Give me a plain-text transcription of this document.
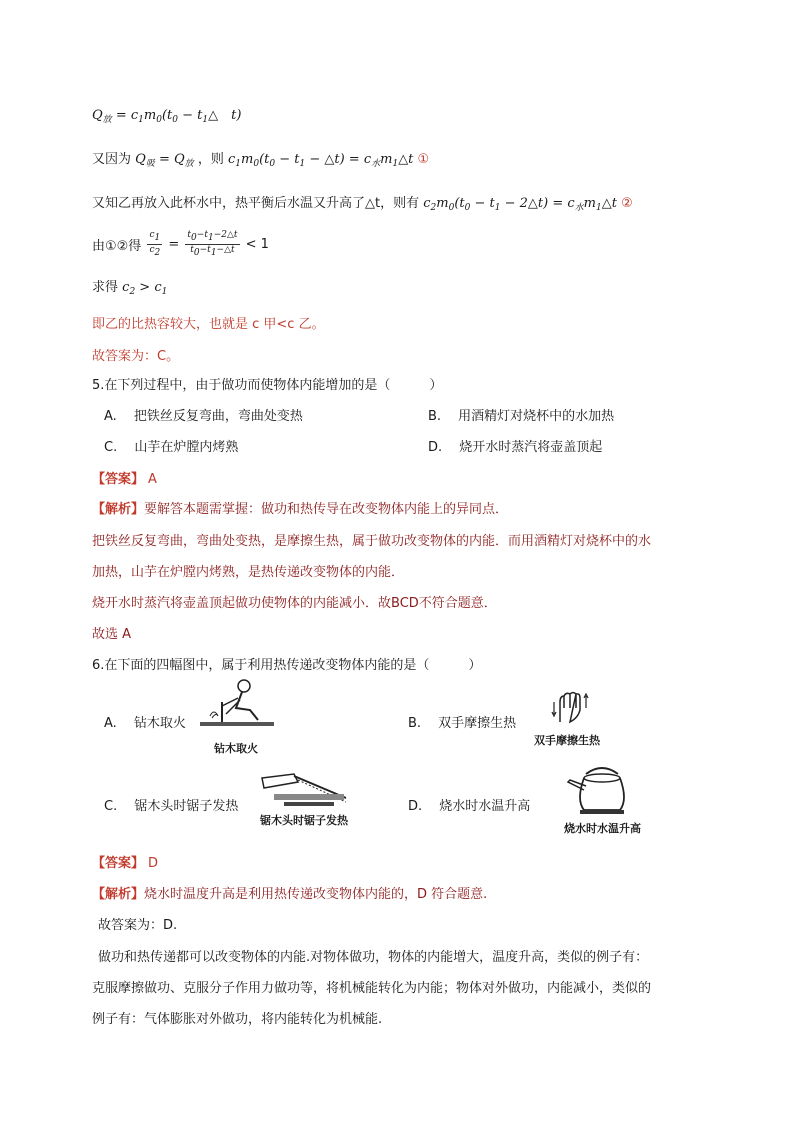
$Q_放 = c_1m_0(t_0$ − $t_1\triangle$　t)
又因为 $Q_吸 = Q_放$ ，则 $c_1m_0(t_0 - t_1$ − △t) = $c_水m_1\triangle t$ ①
又知乙再放入此杯水中，热平衡后水温又升高了△t，则有 $c_2m_0(t_0 - t_1$ − 2△t) = $c_水m_1\triangle t$ ②
由①②得 $\frac{c_1}{c_2} = \frac{t_0-t_1-2\triangle t}{t_0-t_1-\triangle t} < 1$
求得 $c_2 > c_1$
即乙的比热容较大，也就是 c 甲<c 乙。
故答案为：C。
5.在下列过程中，由于做功而使物体内能增加的是（　　　）
A.　 把铁丝反复弯曲，弯曲处变热	B.　 用酒精灯对烧杯中的水加热
C.　 山芋在炉膛内烤熟	D.　 烧开水时蒸汽将壶盖顶起
【答案】 A
【解析】要解答本题需掌握：做功和热传导在改变物体内能上的异同点．
把铁丝反复弯曲，弯曲处变热，是摩擦生热，属于做功改变物体的内能．而用酒精灯对烧杯中的水
加热，山芋在炉膛内烤熟，是热传递改变物体的内能．
烧开水时蒸汽将壶盖顶起做功使物体的内能减小．故BCD不符合题意．
故选 A
6.在下面的四幅图中，属于利用热传递改变物体内能的是（　　　）
A.　 钻木取火
钻木取火
B.　 双手摩擦生热
双手摩擦生热
C.　 锯木头时锯子发热
锯木头时锯子发热
D.　 烧水时水温升高
烧水时水温升高
【答案】 D
【解析】烧水时温度升高是利用热传递改变物体内能的，D 符合题意.
故答案为：D.
做功和热传递都可以改变物体的内能.对物体做功，物体的内能增大，温度升高，类似的例子有：
克服摩擦做功、克服分子作用力做功等，将机械能转化为内能；物体对外做功，内能减小，类似的
例子有：气体膨胀对外做功，将内能转化为机械能.
